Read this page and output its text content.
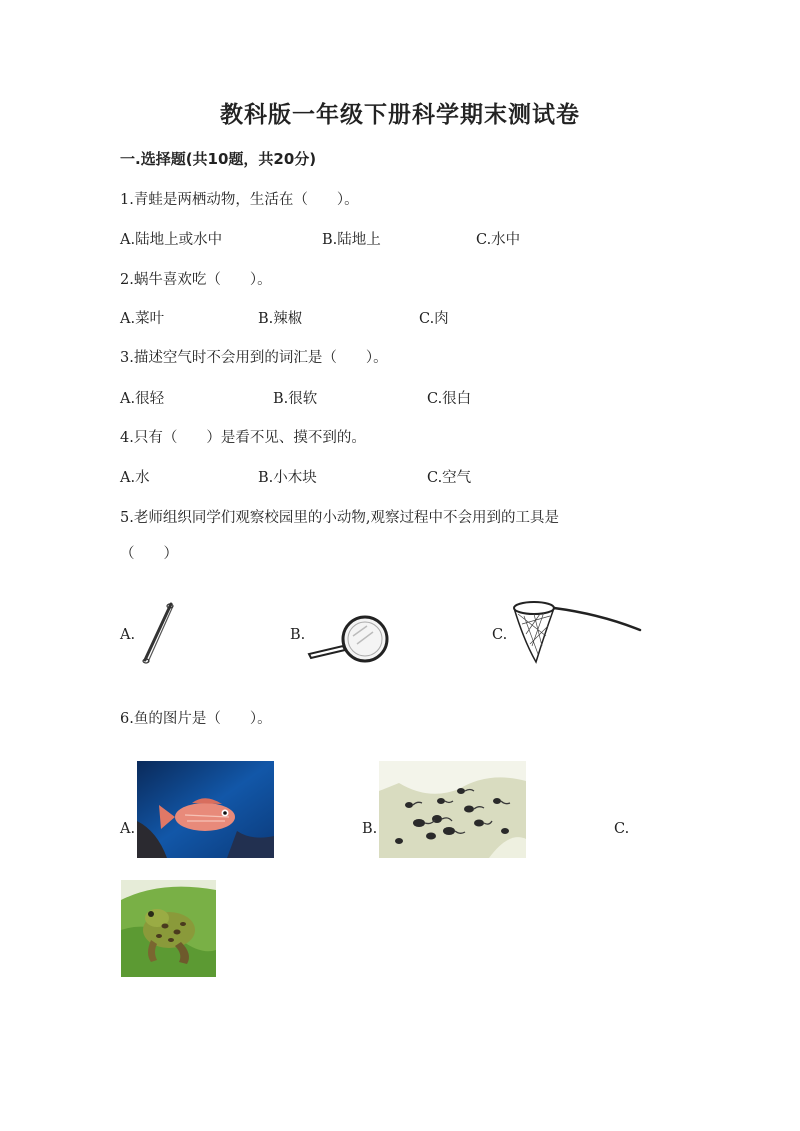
教科版一年级下册科学期末测试卷
一.选择题(共10题，共20分)
1.青蛙是两栖动物，生活在（　　）。
A.陆地上或水中	B.陆地上	C.水中
2.蜗牛喜欢吃（　　）。
A.菜叶	B.辣椒	C.肉
3.描述空气时不会用到的词汇是（　　）。
A.很轻	B.很软	C.很白
4.只有（　　）是看不见、摸不到的。
A.水	B.小木块	C.空气
5.老师组织同学们观察校园里的小动物,观察过程中不会用到的工具是
（　　）
A.	B.	C.
6.鱼的图片是（　　）。
A.	B.	C.
